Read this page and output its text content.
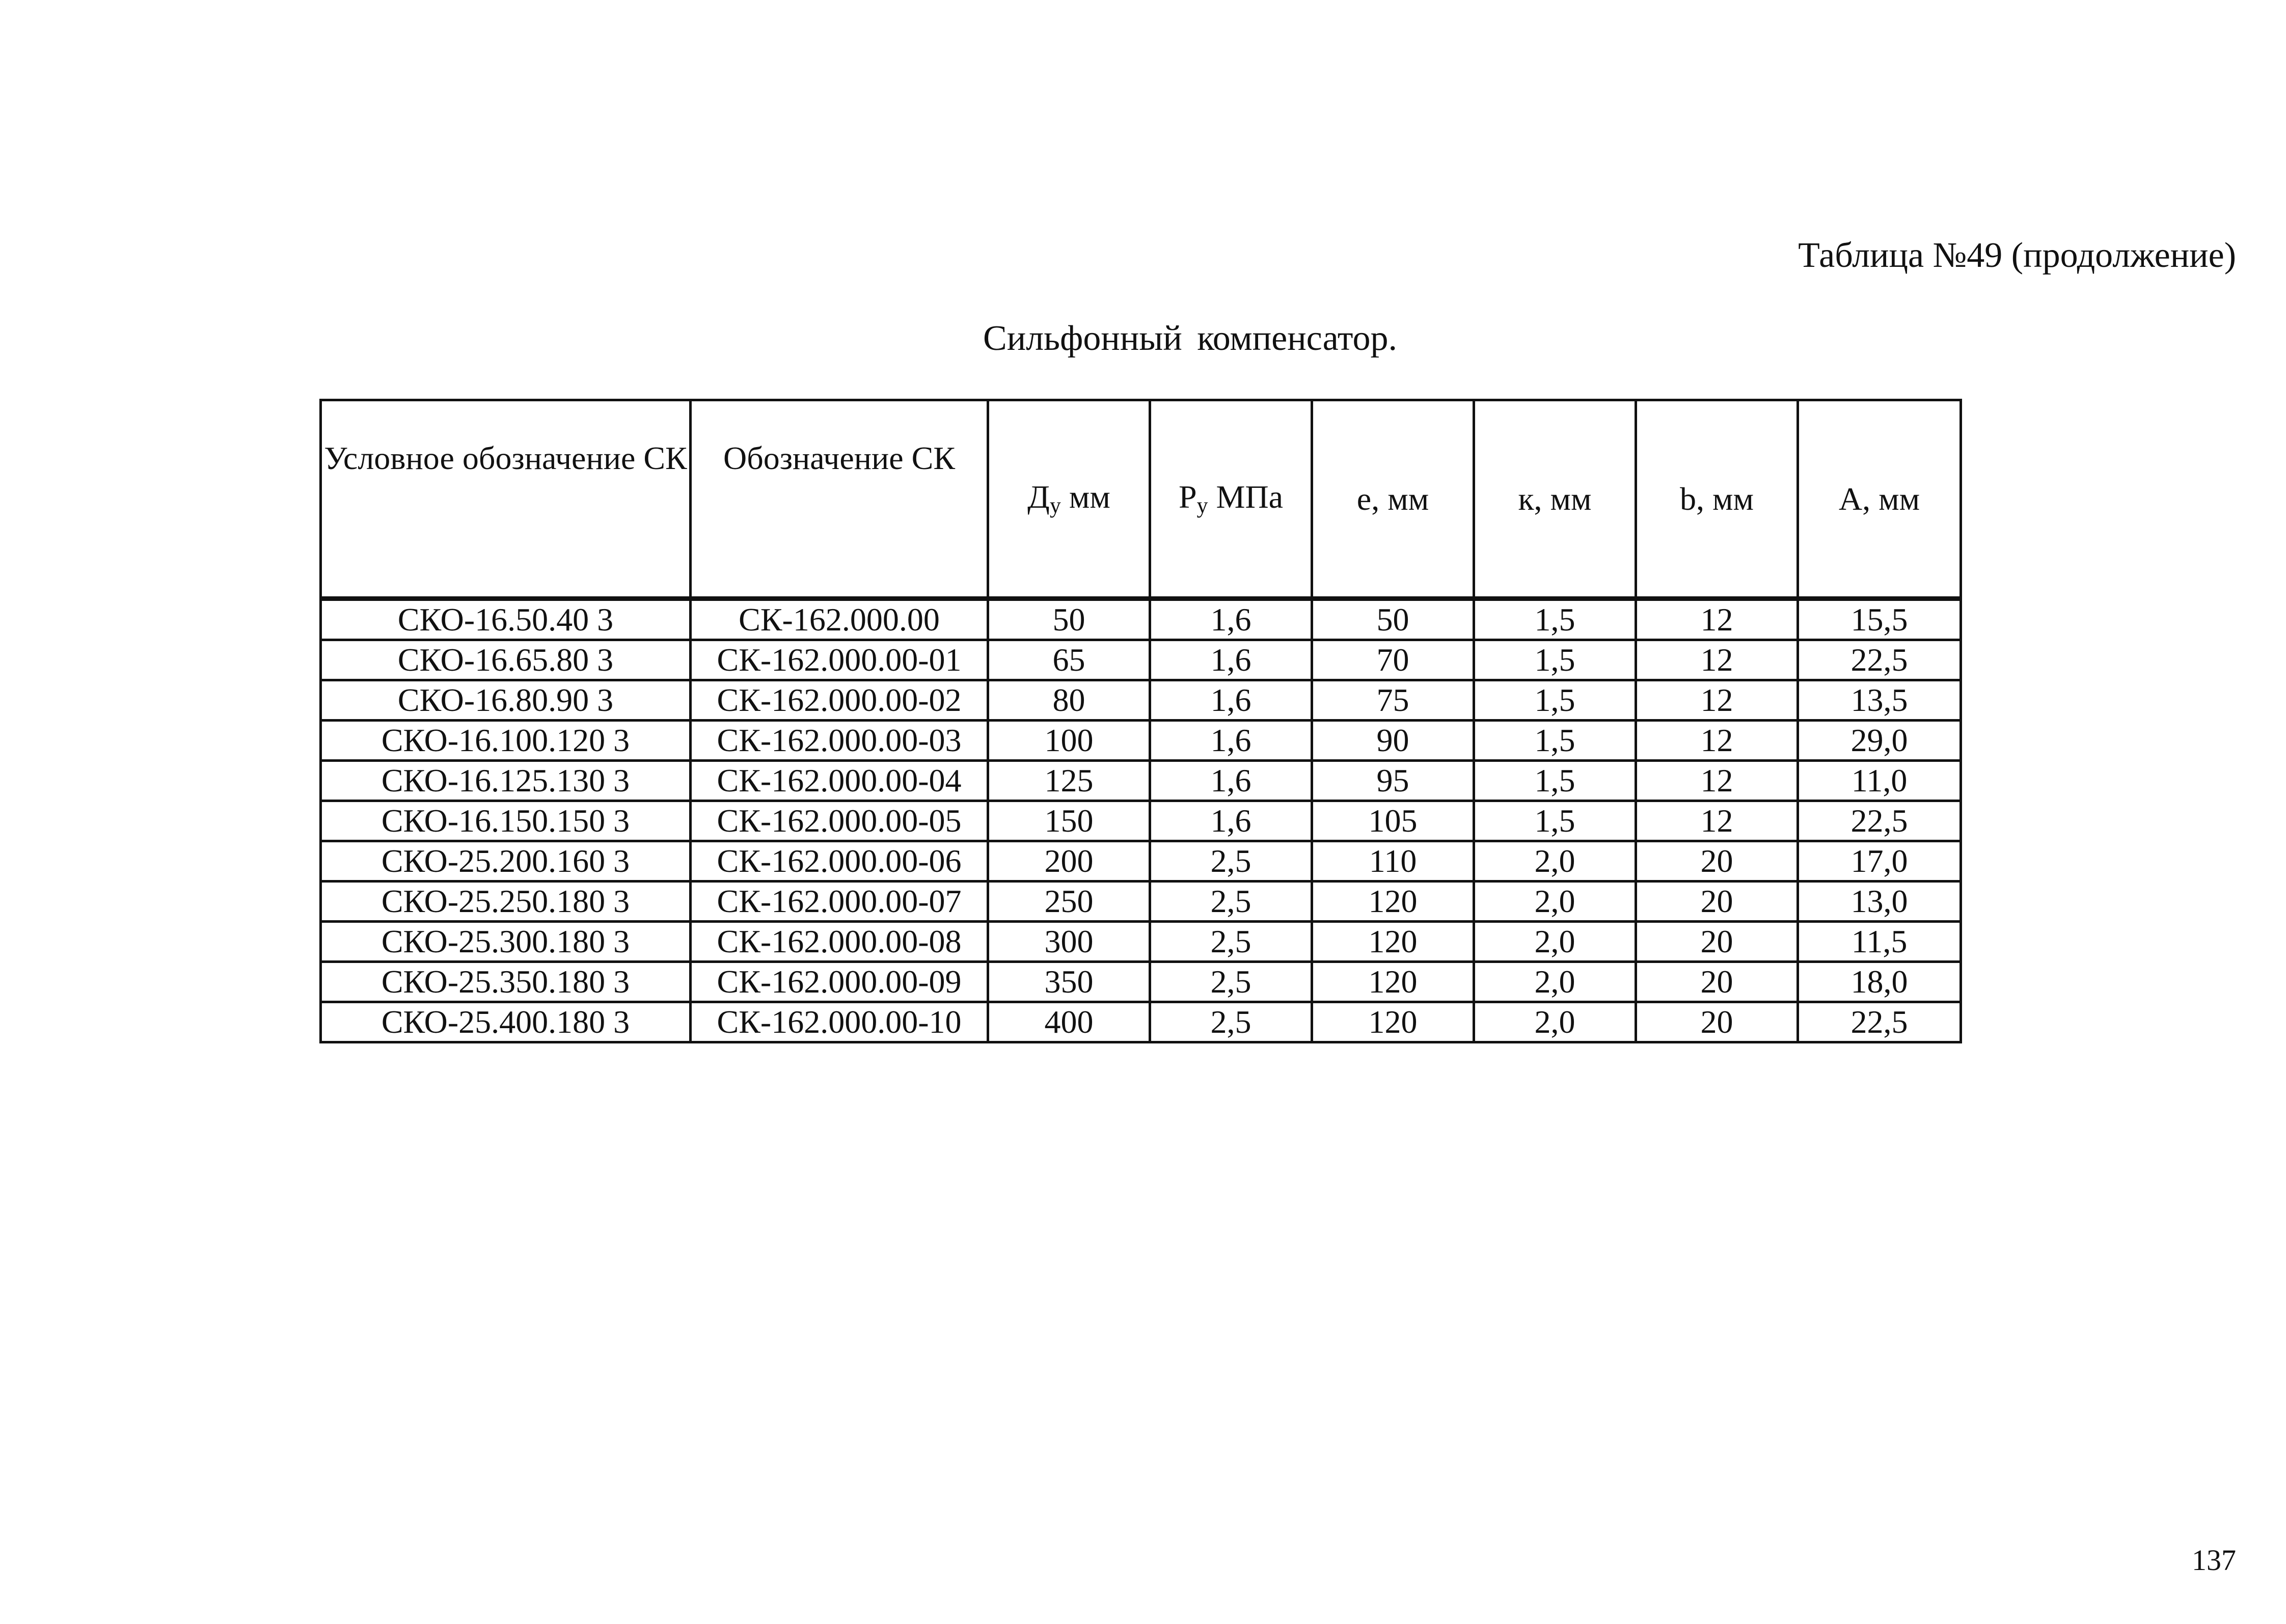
Таблица №49 (продолжение)
Сильфонный компенсатор.
Условное обозначение СК	Обозначение СК	$Д_у$ мм	$Р_у$ МПа	е, мм	к, мм	b, мм	А, мм
СКО-16.50.40 3	СК-162.000.00	50	1,6	50	1,5	12	15,5
СКО-16.65.80 3	СК-162.000.00-01	65	1,6	70	1,5	12	22,5
СКО-16.80.90 3	СК-162.000.00-02	80	1,6	75	1,5	12	13,5
СКО-16.100.120 3	СК-162.000.00-03	100	1,6	90	1,5	12	29,0
СКО-16.125.130 3	СК-162.000.00-04	125	1,6	95	1,5	12	11,0
СКО-16.150.150 3	СК-162.000.00-05	150	1,6	105	1,5	12	22,5
СКО-25.200.160 3	СК-162.000.00-06	200	2,5	110	2,0	20	17,0
СКО-25.250.180 3	СК-162.000.00-07	250	2,5	120	2,0	20	13,0
СКО-25.300.180 3	СК-162.000.00-08	300	2,5	120	2,0	20	11,5
СКО-25.350.180 3	СК-162.000.00-09	350	2,5	120	2,0	20	18,0
СКО-25.400.180 3	СК-162.000.00-10	400	2,5	120	2,0	20	22,5
137
